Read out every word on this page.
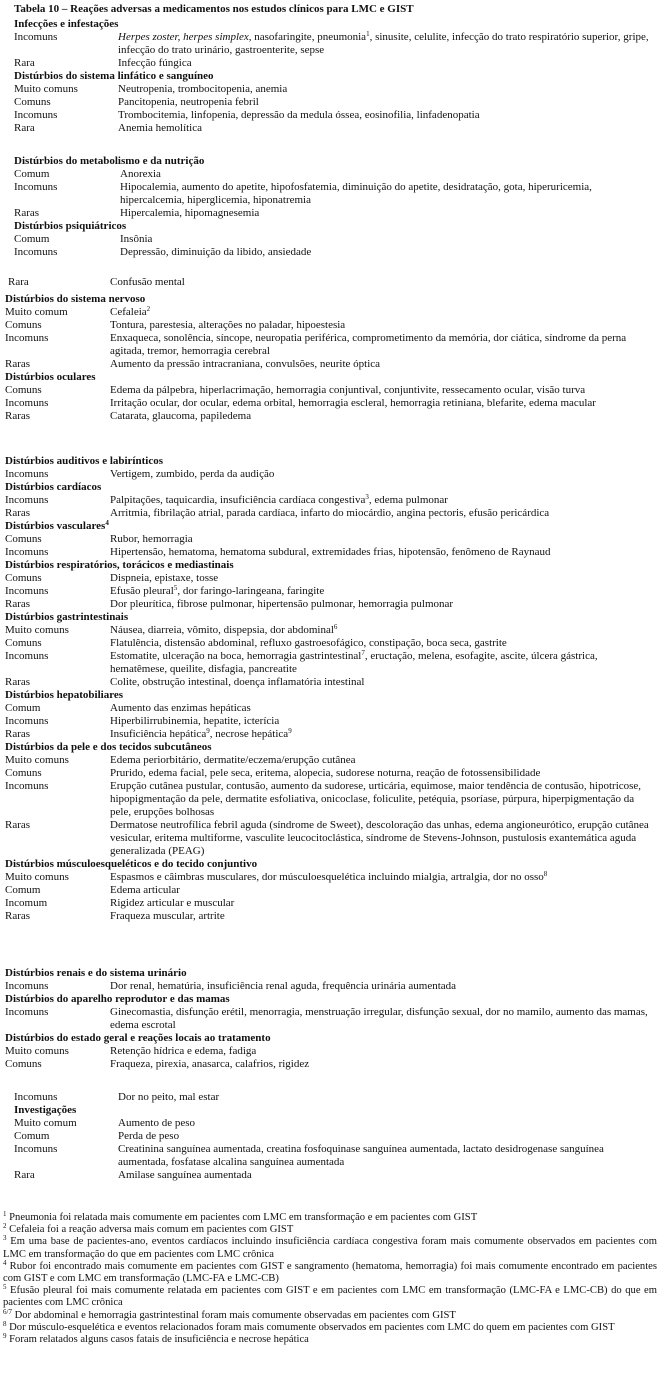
Tabela 10 – Reações adversas a medicamentos nos estudos clínicos para LMC e GIST
Infecções e infestações
Incomuns	Herpes zoster, herpes simplex, nasofaringite, pneumonia$^1$, sinusite, celulite, infecção do trato respiratório superior, gripe, infecção do trato urinário, gastroenterite, sepse
Rara	Infecção fúngica
Distúrbios do sistema linfático e sanguíneo
Muito comuns	Neutropenia, trombocitopenia, anemia
Comuns	Pancitopenia, neutropenia febril
Incomuns	Trombocitemia, linfopenia, depressão da medula óssea, eosinofilia, linfadenopatia
Rara	Anemia hemolítica
Distúrbios do metabolismo e da nutrição
Comum	Anorexia
Incomuns	Hipocalemia, aumento do apetite, hipofosfatemia, diminuição do apetite, desidratação, gota, hiperuricemia, hipercalcemia, hiperglicemia, hiponatremia
Raras	Hipercalemia, hipomagnesemia
Distúrbios psiquiátricos
Comum	Insônia
Incomuns	Depressão, diminuição da libido, ansiedade
Rara	Confusão mental
Distúrbios do sistema nervoso
Muito comum	Cefaleia$^2$
Comuns	Tontura, parestesia, alterações no paladar, hipoestesia
Incomuns	Enxaqueca, sonolência, síncope, neuropatia periférica, comprometimento da memória, dor ciática, síndrome da perna agitada, tremor, hemorragia cerebral
Raras	Aumento da pressão intracraniana, convulsões, neurite óptica
Distúrbios oculares
Comuns	Edema da pálpebra, hiperlacrimação, hemorragia conjuntival, conjuntivite, ressecamento ocular, visão turva
Incomuns	Irritação ocular, dor ocular, edema orbital, hemorragia escleral, hemorragia retiniana, blefarite, edema macular
Raras	Catarata, glaucoma, papiledema
Distúrbios auditivos e labirínticos
Incomuns	Vertigem, zumbido, perda da audição
Distúrbios cardíacos
Incomuns	Palpitações, taquicardia, insuficiência cardíaca congestiva$^3$, edema pulmonar
Raras	Arritmia, fibrilação atrial, parada cardíaca, infarto do miocárdio, angina pectoris, efusão pericárdica
Distúrbios vasculares$^4$
Comuns	Rubor, hemorragia
Incomuns	Hipertensão, hematoma, hematoma subdural, extremidades frias, hipotensão, fenômeno de Raynaud
Distúrbios respiratórios, torácicos e mediastinais
Comuns	Dispneia, epistaxe, tosse
Incomuns	Efusão pleural$^5$, dor faringo-laringeana, faringite
Raras	Dor pleurítica, fibrose pulmonar, hipertensão pulmonar, hemorragia pulmonar
Distúrbios gastrintestinais
Muito comuns	Náusea, diarreia, vômito, dispepsia, dor abdominal$^6$
Comuns	Flatulência, distensão abdominal, refluxo gastroesofágico, constipação, boca seca, gastrite
Incomuns	Estomatite, ulceração na boca, hemorragia gastrintestinal$^7$, eructação, melena, esofagite, ascite, úlcera gástrica, hematêmese, queilite, disfagia, pancreatite
Raras	Colite, obstrução intestinal, doença inflamatória intestinal
Distúrbios hepatobiliares
Comum	Aumento das enzimas hepáticas
Incomuns	Hiperbilirrubinemia, hepatite, icterícia
Raras	Insuficiência hepática$^9$, necrose hepática$^9$
Distúrbios da pele e dos tecidos subcutâneos
Muito comuns	Edema periorbitário, dermatite/eczema/erupção cutânea
Comuns	Prurido, edema facial, pele seca, eritema, alopecia, sudorese noturna, reação de fotossensibilidade
Incomuns	Erupção cutânea pustular, contusão, aumento da sudorese, urticária, equimose, maior tendência de contusão, hipotricose, hipopigmentação da pele, dermatite esfoliativa, onicoclase, foliculite, petéquia, psoríase, púrpura, hiperpigmentação da pele, erupções bolhosas
Raras	Dermatose neutrofílica febril aguda (síndrome de Sweet), descoloração das unhas, edema angioneurótico, erupção cutânea vesicular, eritema multiforme, vasculite leucocitoclástica, síndrome de Stevens-Johnson, pustulosis exantemática aguda generalizada (PEAG)
Distúrbios músculoesqueléticos e do tecido conjuntivo
Muito comuns	Espasmos e câimbras musculares, dor músculoesquelética incluindo mialgia, artralgia, dor no osso$^8$
Comum	Edema articular
Incomum	Rigidez articular e muscular
Raras	Fraqueza muscular, artrite
Distúrbios renais e do sistema urinário
Incomuns	Dor renal, hematúria, insuficiência renal aguda, frequência urinária aumentada
Distúrbios do aparelho reprodutor e das mamas
Incomuns	Ginecomastia, disfunção erétil, menorragia, menstruação irregular, disfunção sexual, dor no mamilo, aumento das mamas, edema escrotal
Distúrbios do estado geral e reações locais ao tratamento
Muito comuns	Retenção hídrica e edema, fadiga
Comuns	Fraqueza, pirexia, anasarca, calafrios, rigidez
Incomuns	Dor no peito, mal estar
Investigações
Muito comum	Aumento de peso
Comum	Perda de peso
Incomuns	Creatinina sanguínea aumentada, creatina fosfoquinase sanguínea aumentada, lactato desidrogenase sanguínea aumentada, fosfatase alcalina sanguínea aumentada
Rara	Amilase sanguínea aumentada
$^1$ Pneumonia foi relatada mais comumente em pacientes com LMC em transformação e em pacientes com GIST
$^2$ Cefaleia foi a reação adversa mais comum em pacientes com GIST
$^3$ Em uma base de pacientes-ano, eventos cardíacos incluindo insuficiência cardíaca congestiva foram mais comumente observados em pacientes com LMC em transformação do que em pacientes com LMC crônica
$^4$ Rubor foi encontrado mais comumente em pacientes com GIST e sangramento (hematoma, hemorragia) foi mais comumente encontrado em pacientes com GIST e com LMC em transformação (LMC-FA e LMC-CB)
$^5$ Efusão pleural foi mais comumente relatada em pacientes com GIST e em pacientes com LMC em transformação (LMC-FA e LMC-CB) do que em pacientes com LMC crônica
$^{6/7}$ Dor abdominal e hemorragia gastrintestinal foram mais comumente observadas em pacientes com GIST
$^8$ Dor músculo-esquelética e eventos relacionados foram mais comumente observados em pacientes com LMC do quem em pacientes com GIST
$^9$ Foram relatados alguns casos fatais de insuficiência e necrose hepática
